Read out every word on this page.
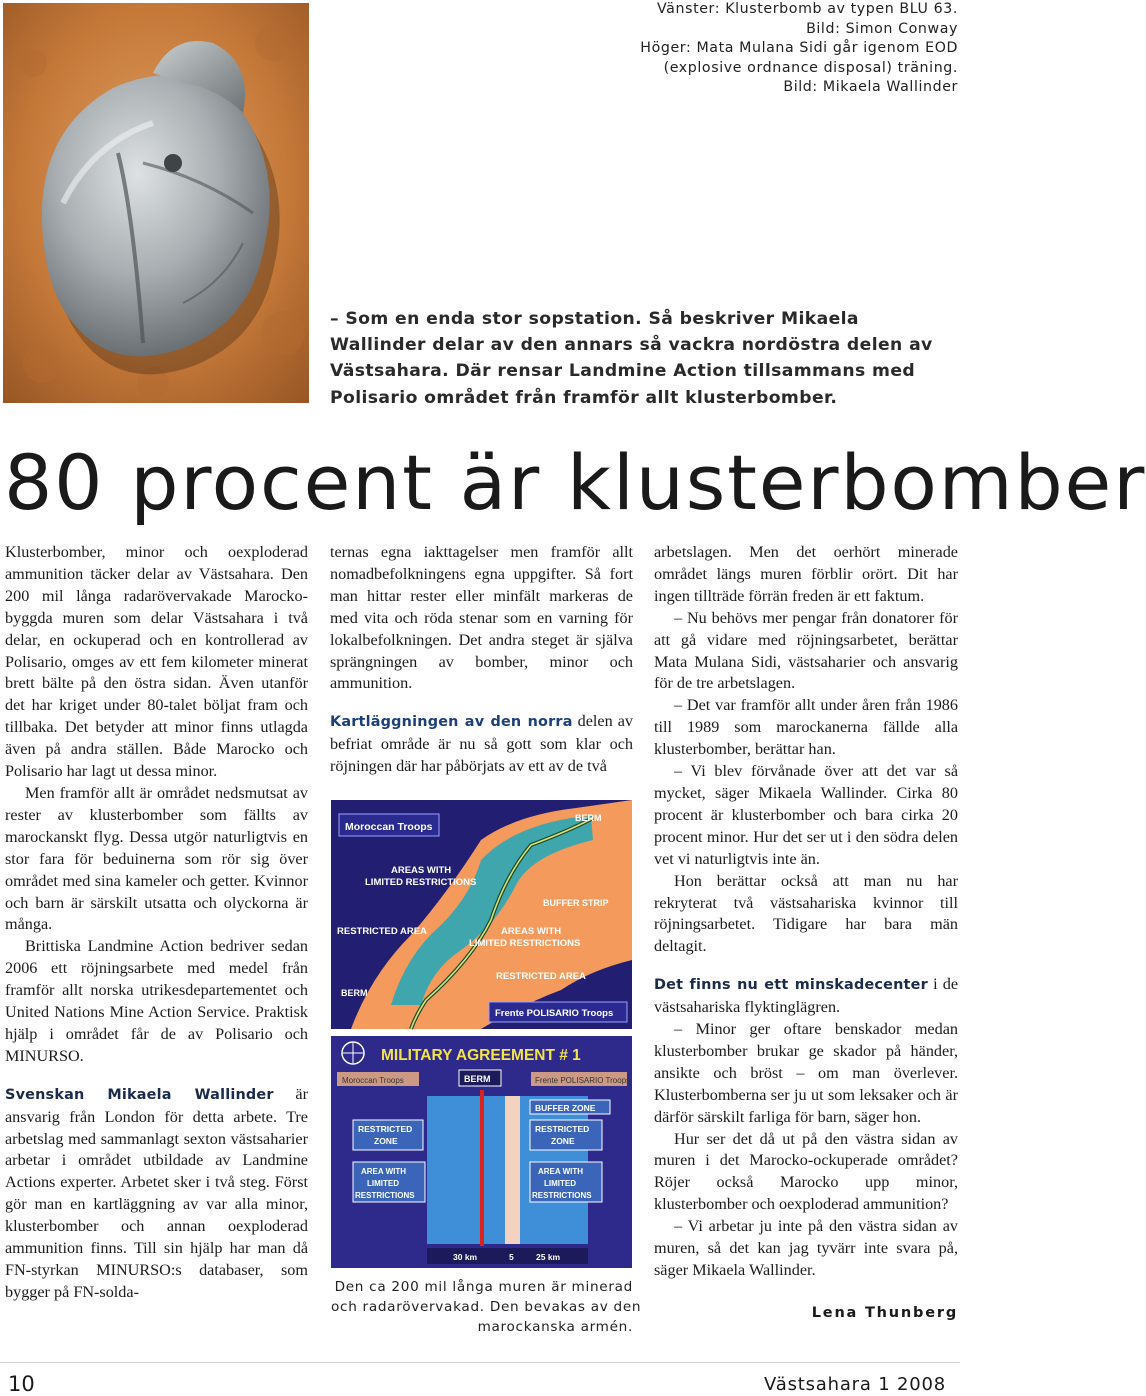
Vänster: Klusterbomb av typen BLU 63.
Bild: Simon Conway
Höger: Mata Mulana Sidi går igenom EOD
(explosive ordnance disposal) träning.
Bild: Mikaela Wallinder
– Som en enda stor sopstation. Så beskriver Mikaela Wallinder delar av den annars så vackra nordöstra delen av Västsahara. Där rensar Landmine Action tillsammans med Polisario området från framför allt klusterbomber.
80 procent är klusterbomber

Klusterbomber, minor och oexploderad ammunition täcker delar av Västsahara. Den 200 mil långa radarövervakade Marocko-byggda muren som delar Västsahara i två delar, en ockuperad och en kontrollerad av Polisario, omges av ett fem kilometer minerat brett bälte på den östra sidan. Även utanför det har kriget under 80-talet böljat fram och tillbaka. Det betyder att minor finns utlagda även på andra ställen. Både Marocko och Polisario har lagt ut dessa minor.

Men framför allt är området nedsmutsat av rester av klusterbomber som fällts av marockanskt flyg. Dessa utgör naturligtvis en stor fara för beduinerna som rör sig över området med sina kameler och getter. Kvinnor och barn är särskilt utsatta och olyckorna är många.

Brittiska Landmine Action bedriver sedan 2006 ett röjningsarbete med medel från framför allt norska utrikesdepartementet och United Nations Mine Action Service. Praktisk hjälp i området får de av Polisario och MINURSO.

Svenskan Mikaela Wallinder är ansvarig från London för detta arbete. Tre arbetslag med sammanlagt sexton västsaharier arbetar i området utbildade av Landmine Actions experter. Arbetet sker i två steg. Först gör man en kartläggning av var alla minor, klusterbomber och annan oexploderad ammunition finns. Till sin hjälp har man då FN-styrkan MINURSO:s databaser, som bygger på FN-solda-

ternas egna iakttagelser men framför allt nomadbefolkningens egna uppgifter. Så fort man hittar rester eller minfält markeras de med vita och röda stenar som en varning för lokalbefolkningen. Det andra steget är själva sprängningen av bomber, minor och ammunition.

Kartläggningen av den norra delen av befriat område är nu så gott som klar och röjningen där har påbörjats av ett av de två

Moroccan Troops
BERM
AREAS WITH
LIMITED RESTRICTIONS
BUFFER STRIP
RESTRICTED AREA	AREAS WITH
LIMITED RESTRICTIONS
RESTRICTED AREA
BERM
Frente POLISARIO Troops
MILITARY AGREEMENT # 1
Moroccan Troops	Frente POLISARIO Troops
BERM
BUFFER ZONE
RESTRICTED
ZONE
RESTRICTED
ZONE
AREA WITH
LIMITED
RESTRICTIONS
AREA WITH
LIMITED
RESTRICTIONS
30 km	5	25 km
Den ca 200 mil långa muren är minerad
och radarövervakad. Den bevakas av den
marockanska armén.

arbetslagen. Men det oerhört minerade området längs muren förblir orört. Dit har ingen tillträde förrän freden är ett faktum.

– Nu behövs mer pengar från donatorer för att gå vidare med röjningsarbetet, berättar Mata Mulana Sidi, västsaharier och ansvarig för de tre arbetslagen.

– Det var framför allt under åren från 1986 till 1989 som marockanerna fällde alla klusterbomber, berättar han.

– Vi blev förvånade över att det var så mycket, säger Mikaela Wallinder. Cirka 80 procent är klusterbomber och bara cirka 20 procent minor. Hur det ser ut i den södra delen vet vi naturligtvis inte än.

Hon berättar också att man nu har rekryterat två västsahariska kvinnor till röjningsarbetet. Tidigare har bara män deltagit.

Det finns nu ett minskadecenter i de västsahariska flyktinglägren.

– Minor ger oftare benskador medan klusterbomber brukar ge skador på händer, ansikte och bröst – om man överlever. Klusterbomberna ser ju ut som leksaker och är därför särskilt farliga för barn, säger hon.

Hur ser det då ut på den västra sidan av muren i det Marocko-ockuperade området? Röjer också Marocko upp minor, klusterbomber och oexploderad ammunition?

– Vi arbetar ju inte på den västra sidan av muren, så det kan jag tyvärr inte svara på, säger Mikaela Wallinder.

Lena Thunberg
10	Västsahara 1 2008
